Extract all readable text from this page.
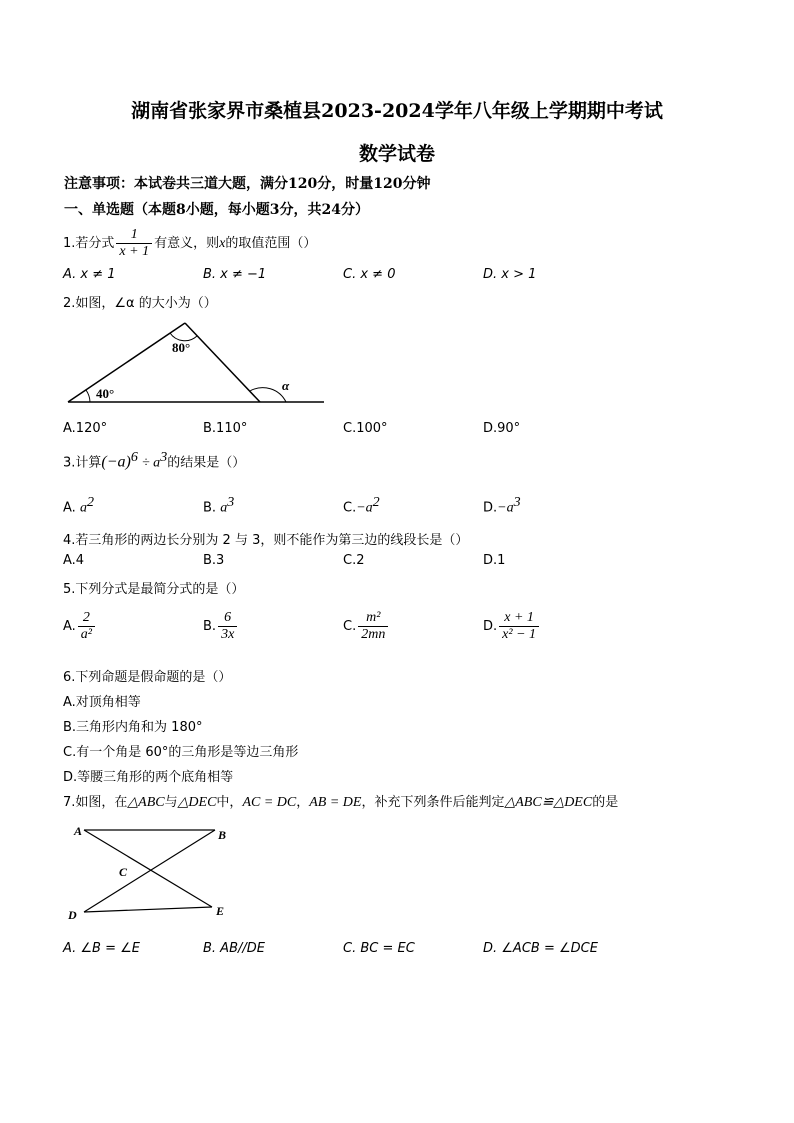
湖南省张家界市桑植县2023-2024学年八年级上学期期中考试
数学试卷
注意事项：本试卷共三道大题，满分120分，时量120分钟
一、单选题（本题8小题，每小题3分，共24分）
1.若分式 $\frac{1}{x + 1}$ 有意义，则x的取值范围（）
A. x ≠ 1	B. x ≠ −1	C. x ≠ 0	D. x > 1
2.如图，∠α 的大小为（）
80°
40°
α
A.120°	B.110°	C.100°	D.90°
3.计算$(-a)^6 \div a^3$的结果是（）
A. $a^2$	B. $a^3$	$C.-a^2$	$D.-a^3$
4.若三角形的两边长分别为 2 与 3，则不能作为第三边的线段长是（）
A.4	B.3	C.2	D.1
5.下列分式是最简分式的是（）
A. $\frac{2}{\text{a²}}$	B. $\frac{6}{3x}$	C. $\frac{\text{m²}}{2mn}$	D. $\frac{x + 1}{\text{x² − 1}}$
6.下列命题是假命题的是（）
A.对顶角相等
B.三角形内角和为 180°
C.有一个角是 60°的三角形是等边三角形
D.等腰三角形的两个底角相等
7.如图，在△ABC与△DEC中，AC = DC，AB = DE，补充下列条件后能判定△ABC≌△DEC的是
A	B
C
D	E
A. ∠B = ∠E	B. AB//DE	C. BC = EC	D. ∠ACB = ∠DCE
